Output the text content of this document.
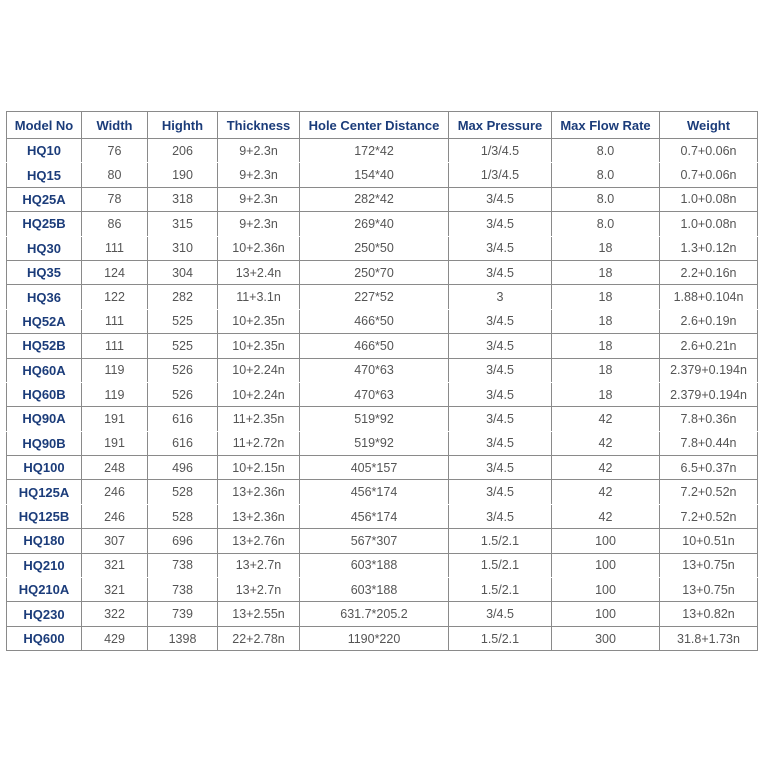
Model No	Width	Highth	Thickness	Hole Center Distance	Max Pressure	Max Flow Rate	Weight
HQ10	76	206	9+2.3n	172*42	1/3/4.5	8.0	0.7+0.06n
HQ15	80	190	9+2.3n	154*40	1/3/4.5	8.0	0.7+0.06n
HQ25A	78	318	9+2.3n	282*42	3/4.5	8.0	1.0+0.08n
HQ25B	86	315	9+2.3n	269*40	3/4.5	8.0	1.0+0.08n
HQ30	111	310	10+2.36n	250*50	3/4.5	18	1.3+0.12n
HQ35	124	304	13+2.4n	250*70	3/4.5	18	2.2+0.16n
HQ36	122	282	11+3.1n	227*52	3	18	1.88+0.104n
HQ52A	111	525	10+2.35n	466*50	3/4.5	18	2.6+0.19n
HQ52B	111	525	10+2.35n	466*50	3/4.5	18	2.6+0.21n
HQ60A	119	526	10+2.24n	470*63	3/4.5	18	2.379+0.194n
HQ60B	119	526	10+2.24n	470*63	3/4.5	18	2.379+0.194n
HQ90A	191	616	11+2.35n	519*92	3/4.5	42	7.8+0.36n
HQ90B	191	616	11+2.72n	519*92	3/4.5	42	7.8+0.44n
HQ100	248	496	10+2.15n	405*157	3/4.5	42	6.5+0.37n
HQ125A	246	528	13+2.36n	456*174	3/4.5	42	7.2+0.52n
HQ125B	246	528	13+2.36n	456*174	3/4.5	42	7.2+0.52n
HQ180	307	696	13+2.76n	567*307	1.5/2.1	100	10+0.51n
HQ210	321	738	13+2.7n	603*188	1.5/2.1	100	13+0.75n
HQ210A	321	738	13+2.7n	603*188	1.5/2.1	100	13+0.75n
HQ230	322	739	13+2.55n	631.7*205.2	3/4.5	100	13+0.82n
HQ600	429	1398	22+2.78n	1190*220	1.5/2.1	300	31.8+1.73n
